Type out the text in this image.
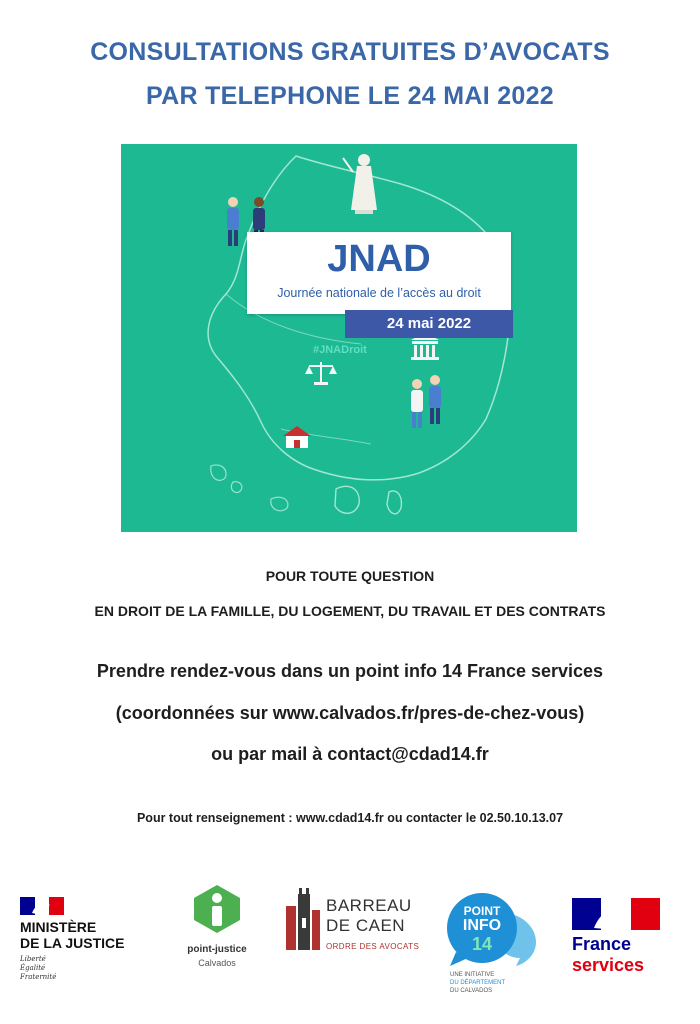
CONSULTATIONS GRATUITES D’AVOCATS
PAR TELEPHONE LE 24 MAI 2022
JNAD
Journée nationale de l’accès au droit
24 mai 2022
#JNADroit
POUR TOUTE QUESTION
EN DROIT DE LA FAMILLE, DU LOGEMENT, DU TRAVAIL ET DES CONTRATS
Prendre rendez-vous dans un point info 14 France services
(coordonnées sur www.calvados.fr/pres-de-chez-vous)
ou par mail à contact@cdad14.fr
Pour tout renseignement : www.cdad14.fr ou contacter le 02.50.10.13.07
MINISTÈRE
DE LA JUSTICE
Liberté
Égalité
Fraternité
point-justice
Calvados
BARREAU
DE CAEN
ORDRE DES AVOCATS
POINT
INFO
14
UNE INITIATIVE
DU DÉPARTEMENT
DU CALVADOS
France
services
